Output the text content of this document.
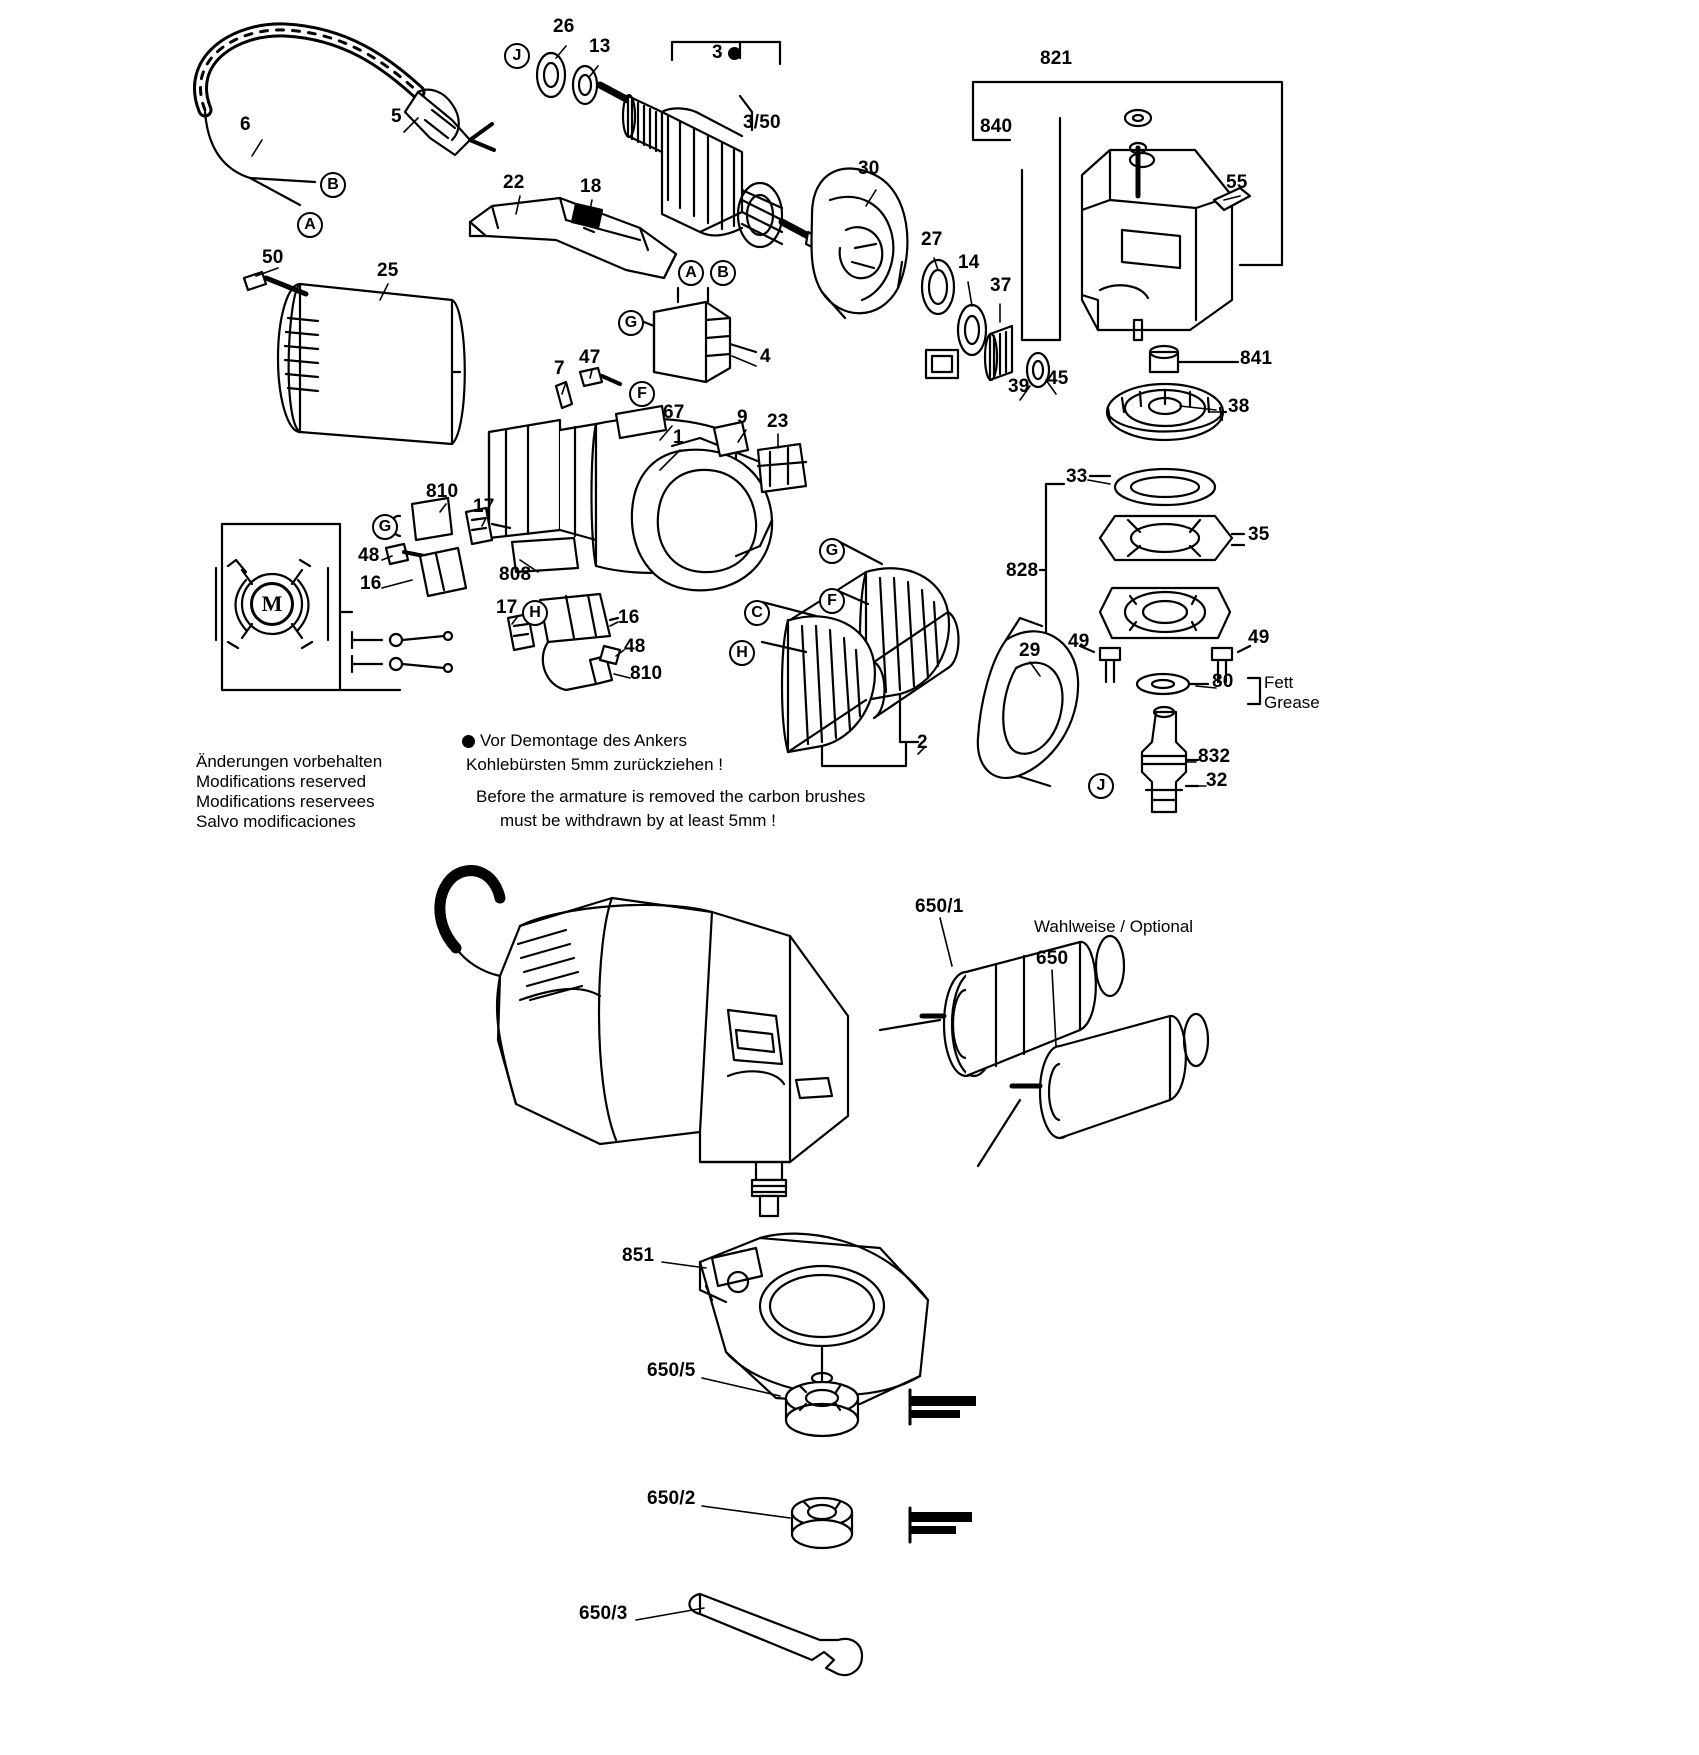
6	5
26
13	3
3/50
30
27
14
37
39 45
821
840
55
841
38
33
35
828
49	49
80
832
32
22	18
50
25
4
7
47
67
1
9 23
810
17
48
16	808
17	16
48
810
2
29
650/1
650
851
650/5
650/2
650/3
J
B
A
A	B
G
F
G
H
G
F
C
H
J
M
Änderungen vorbehalten
Modifications reserved
Modifications reservees
Salvo modificaciones
Vor Demontage des Ankers
Kohlebürsten 5mm zurückziehen !
Before the armature is removed the carbon brushes
must be withdrawn by at least 5mm !
Fett
Grease
Wahlweise / Optional
